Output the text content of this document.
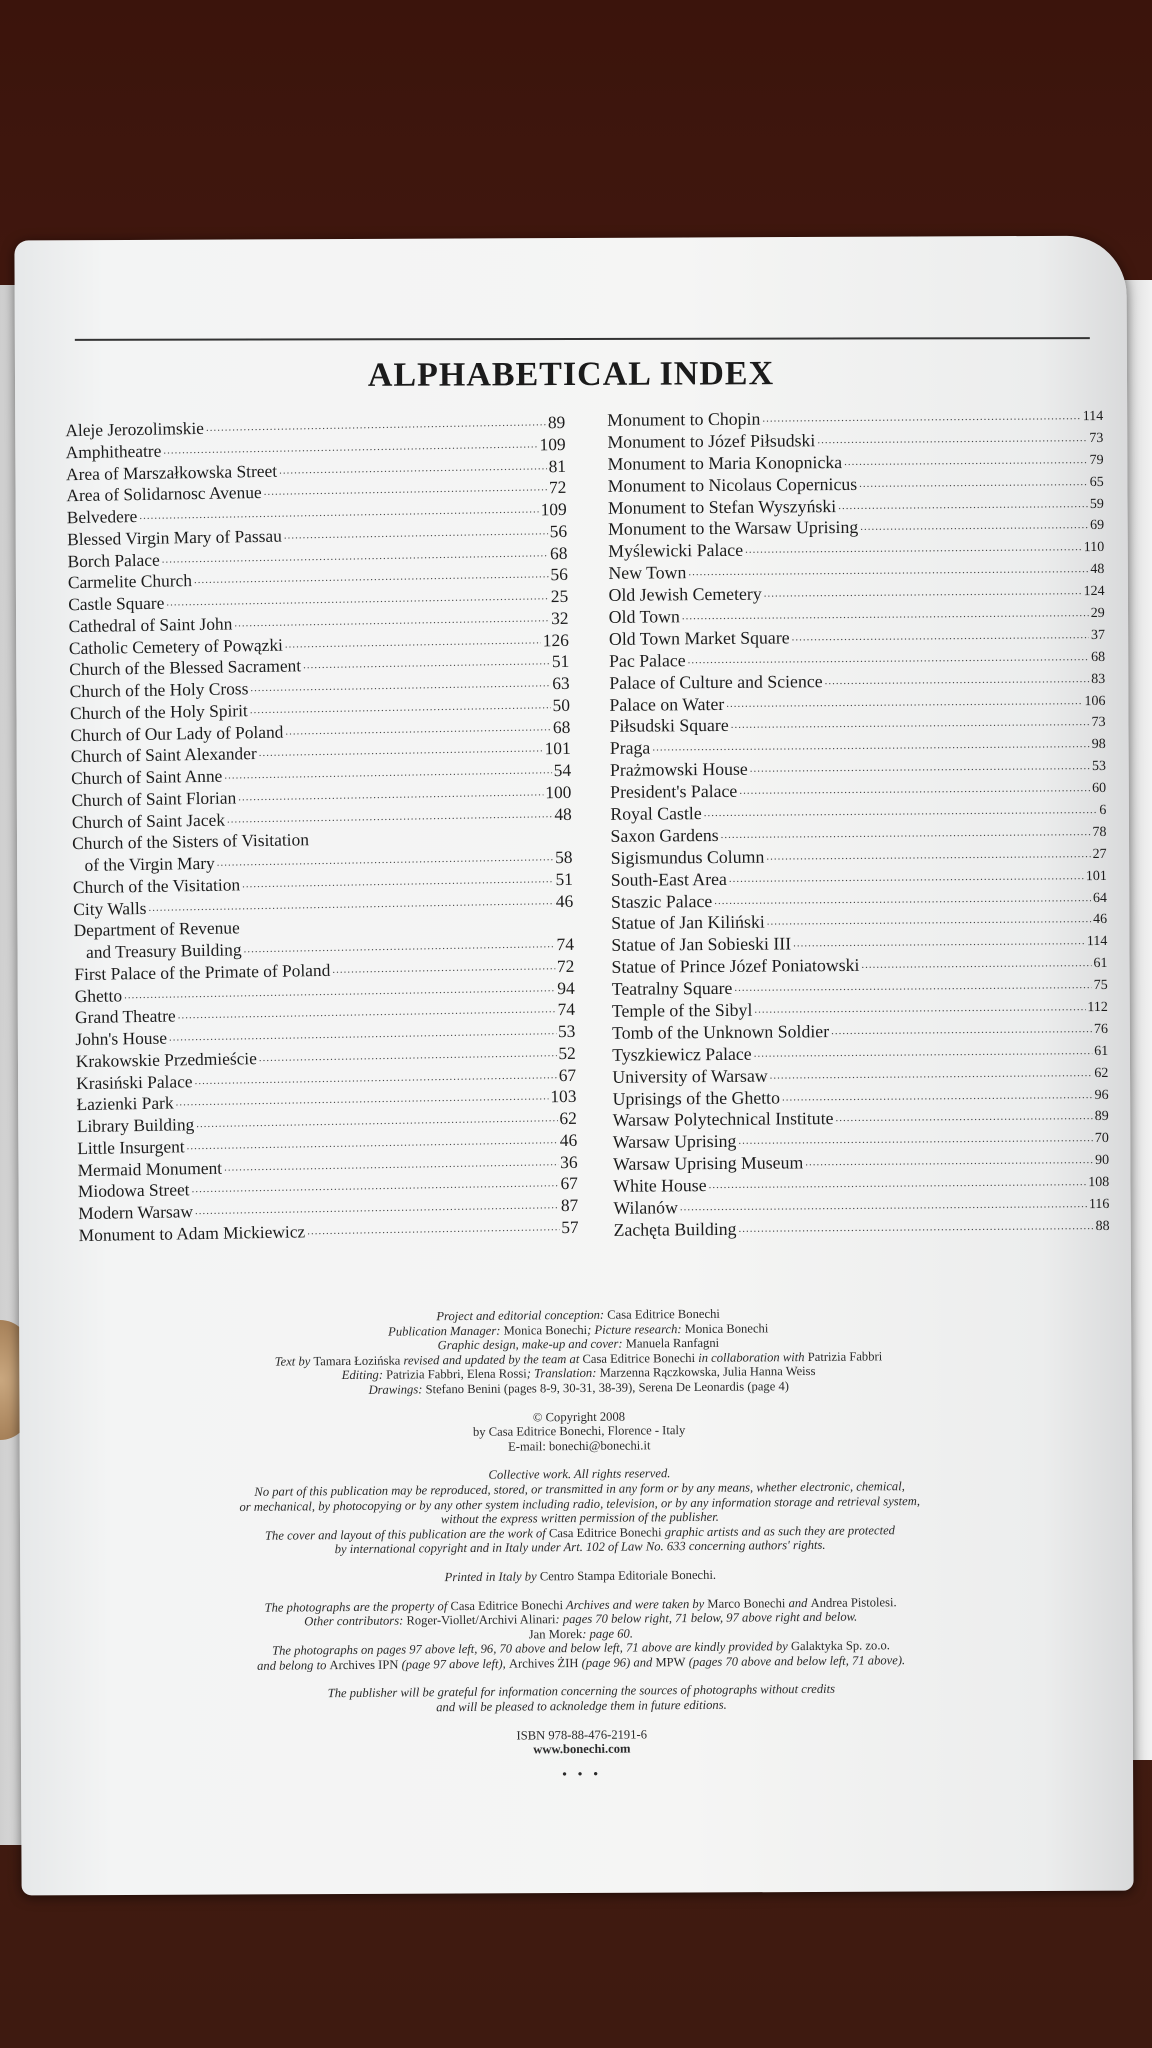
ALPHABETICAL INDEX
Aleje Jerozolimskie .....	89
Amphitheatre .....	109
Area of Marszałkowska Street .....	81
Area of Solidarnosc Avenue .....	72
Belvedere .....	109
Blessed Virgin Mary of Passau .....	56
Borch Palace .....	68
Carmelite Church .....	56
Castle Square .....	25
Cathedral of Saint John .....	32
Catholic Cemetery of Powązki .....	126
Church of the Blessed Sacrament .....	51
Church of the Holy Cross .....	63
Church of the Holy Spirit .....	50
Church of Our Lady of Poland .....	68
Church of Saint Alexander .....	101
Church of Saint Anne .....	54
Church of Saint Florian .....	100
Church of Saint Jacek .....	48
Church of the Sisters of Visitation
of the Virgin Mary .....	58
Church of the Visitation .....	51
City Walls .....	46
Department of Revenue
and Treasury Building .....	74
First Palace of the Primate of Poland .....	72
Ghetto .....	94
Grand Theatre .....	74
John's House .....	53
Krakowskie Przedmieście .....	52
Krasiński Palace .....	67
Łazienki Park .....	103
Library Building .....	62
Little Insurgent .....	46
Mermaid Monument .....	36
Miodowa Street .....	67
Modern Warsaw .....	87
Monument to Adam Mickiewicz .....	57
Monument to Chopin .....	114
Monument to Józef Piłsudski .....	73
Monument to Maria Konopnicka .....	79
Monument to Nicolaus Copernicus .....	65
Monument to Stefan Wyszyński .....	59
Monument to the Warsaw Uprising .....	69
Myślewicki Palace .....	110
New Town .....	48
Old Jewish Cemetery .....	124
Old Town .....	29
Old Town Market Square .....	37
Pac Palace .....	68
Palace of Culture and Science .....	83
Palace on Water .....	106
Piłsudski Square .....	73
Praga .....	98
Prażmowski House .....	53
President's Palace .....	60
Royal Castle .....	6
Saxon Gardens .....	78
Sigismundus Column .....	27
South-East Area .....	101
Staszic Palace .....	64
Statue of Jan Kiliński .....	46
Statue of Jan Sobieski III .....	114
Statue of Prince Józef Poniatowski .....	61
Teatralny Square .....	75
Temple of the Sibyl .....	112
Tomb of the Unknown Soldier .....	76
Tyszkiewicz Palace .....	61
University of Warsaw .....	62
Uprisings of the Ghetto .....	96
Warsaw Polytechnical Institute .....	89
Warsaw Uprising .....	70
Warsaw Uprising Museum .....	90
White House .....	108
Wilanów .....	116
Zachęta Building .....	88
Project and editorial conception: Casa Editrice Bonechi
Publication Manager: Monica Bonechi; Picture research: Monica Bonechi
Graphic design, make-up and cover: Manuela Ranfagni
Text by Tamara Łozińska revised and updated by the team at Casa Editrice Bonechi in collaboration with Patrizia Fabbri
Editing: Patrizia Fabbri, Elena Rossi; Translation: Marzenna Rączkowska, Julia Hanna Weiss
Drawings: Stefano Benini (pages 8-9, 30-31, 38-39), Serena De Leonardis (page 4)
© Copyright 2008
by Casa Editrice Bonechi, Florence - Italy
E-mail: bonechi@bonechi.it
Collective work. All rights reserved.
No part of this publication may be reproduced, stored, or transmitted in any form or by any means, whether electronic, chemical,
or mechanical, by photocopying or by any other system including radio, television, or by any information storage and retrieval system,
without the express written permission of the publisher.
The cover and layout of this publication are the work of Casa Editrice Bonechi graphic artists and as such they are protected
by international copyright and in Italy under Art. 102 of Law No. 633 concerning authors' rights.
Printed in Italy by Centro Stampa Editoriale Bonechi.
The photographs are the property of Casa Editrice Bonechi Archives and were taken by Marco Bonechi and Andrea Pistolesi.
Other contributors: Roger-Viollet/Archivi Alinari: pages 70 below right, 71 below, 97 above right and below.
Jan Morek: page 60.
The photographs on pages 97 above left, 96, 70 above and below left, 71 above are kindly provided by Galaktyka Sp. zo.o.
and belong to Archives IPN (page 97 above left), Archives ŻIH (page 96) and MPW (pages 70 above and below left, 71 above).
The publisher will be grateful for information concerning the sources of photographs without credits
and will be pleased to acknoledge them in future editions.
ISBN 978-88-476-2191-6
www.bonechi.com
• • •
